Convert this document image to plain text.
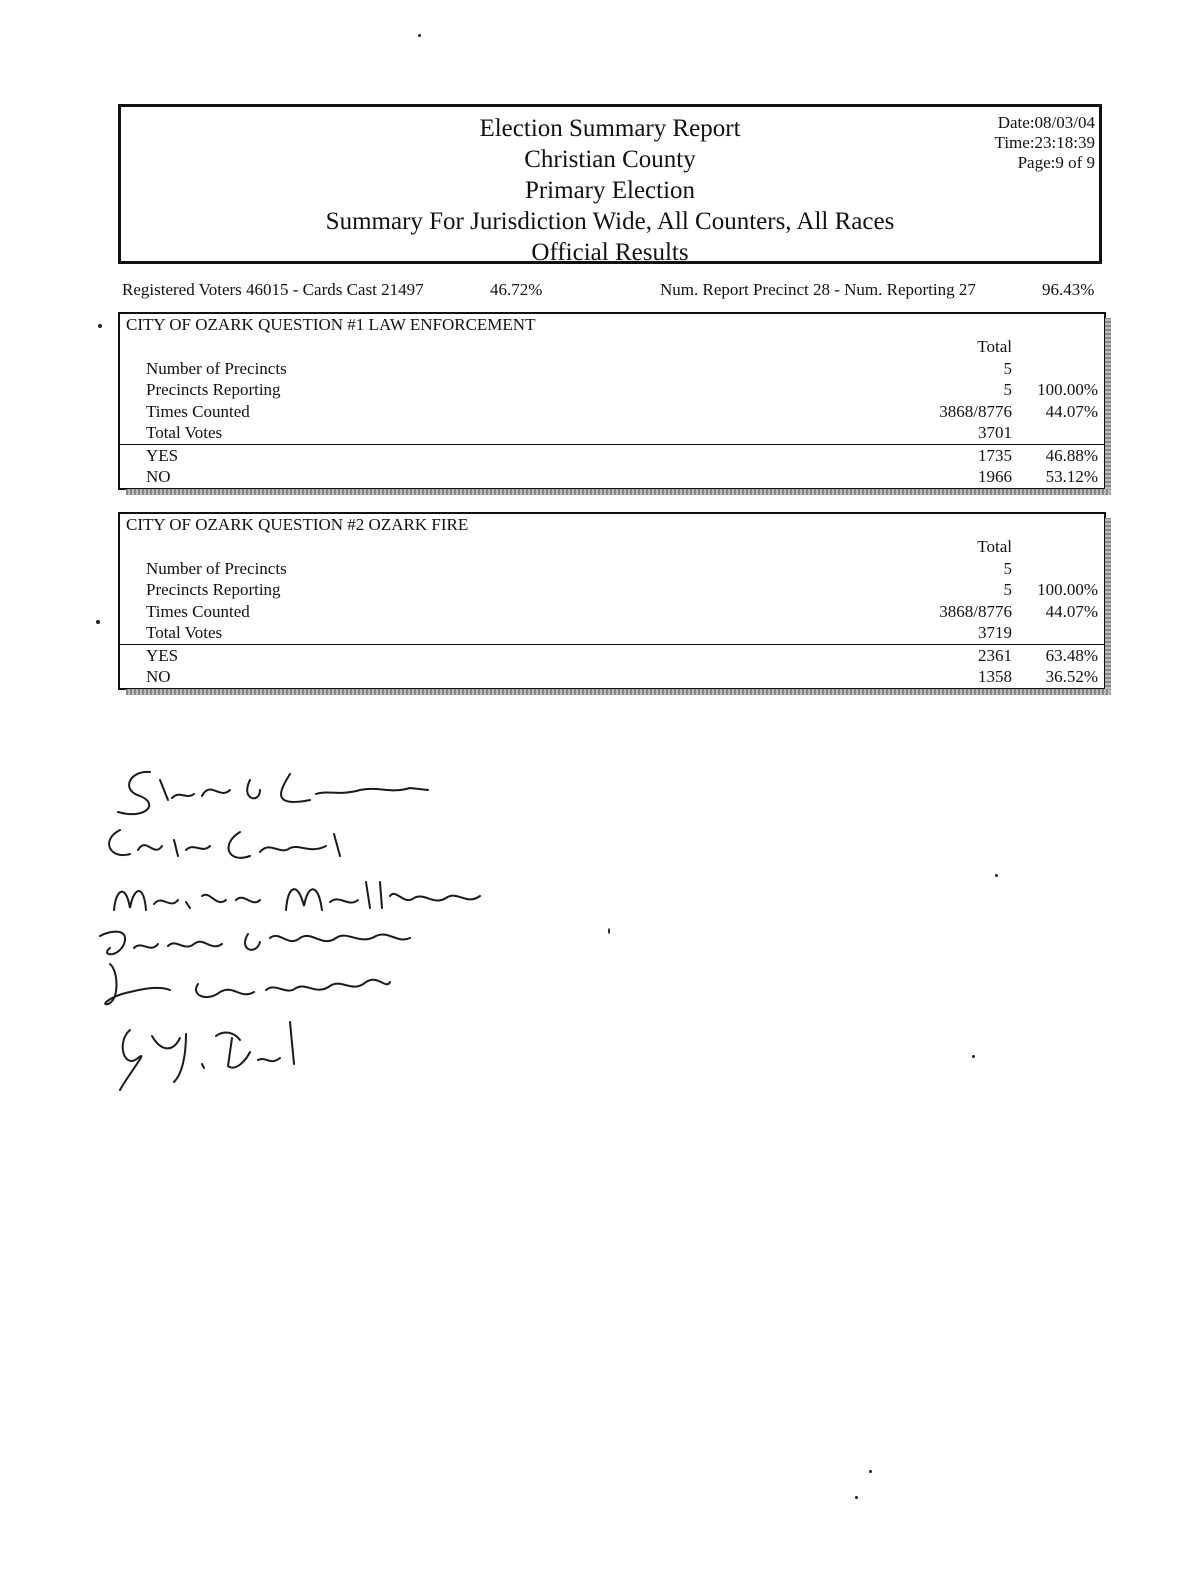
Election Summary Report
Christian County
Primary Election
Summary For Jurisdiction Wide, All Counters, All Races
Official Results
Date:08/03/04
Time:23:18:39
Page:9 of 9
Registered Voters 46015 - Cards Cast 21497	46.72%	Num. Report Precinct 28 - Num. Reporting 27	96.43%
CITY OF OZARK QUESTION #1 LAW ENFORCEMENT
Total
Number of Precincts	5
Precincts Reporting	5 100.00%
Times Counted	3868/8776 44.07%
Total Votes	3701
YES	1735 46.88%
NO	1966 53.12%
CITY OF OZARK QUESTION #2 OZARK FIRE
Total
Number of Precincts	5
Precincts Reporting	5 100.00%
Times Counted	3868/8776 44.07%
Total Votes	3719
YES	2361 63.48%
NO	1358 36.52%
